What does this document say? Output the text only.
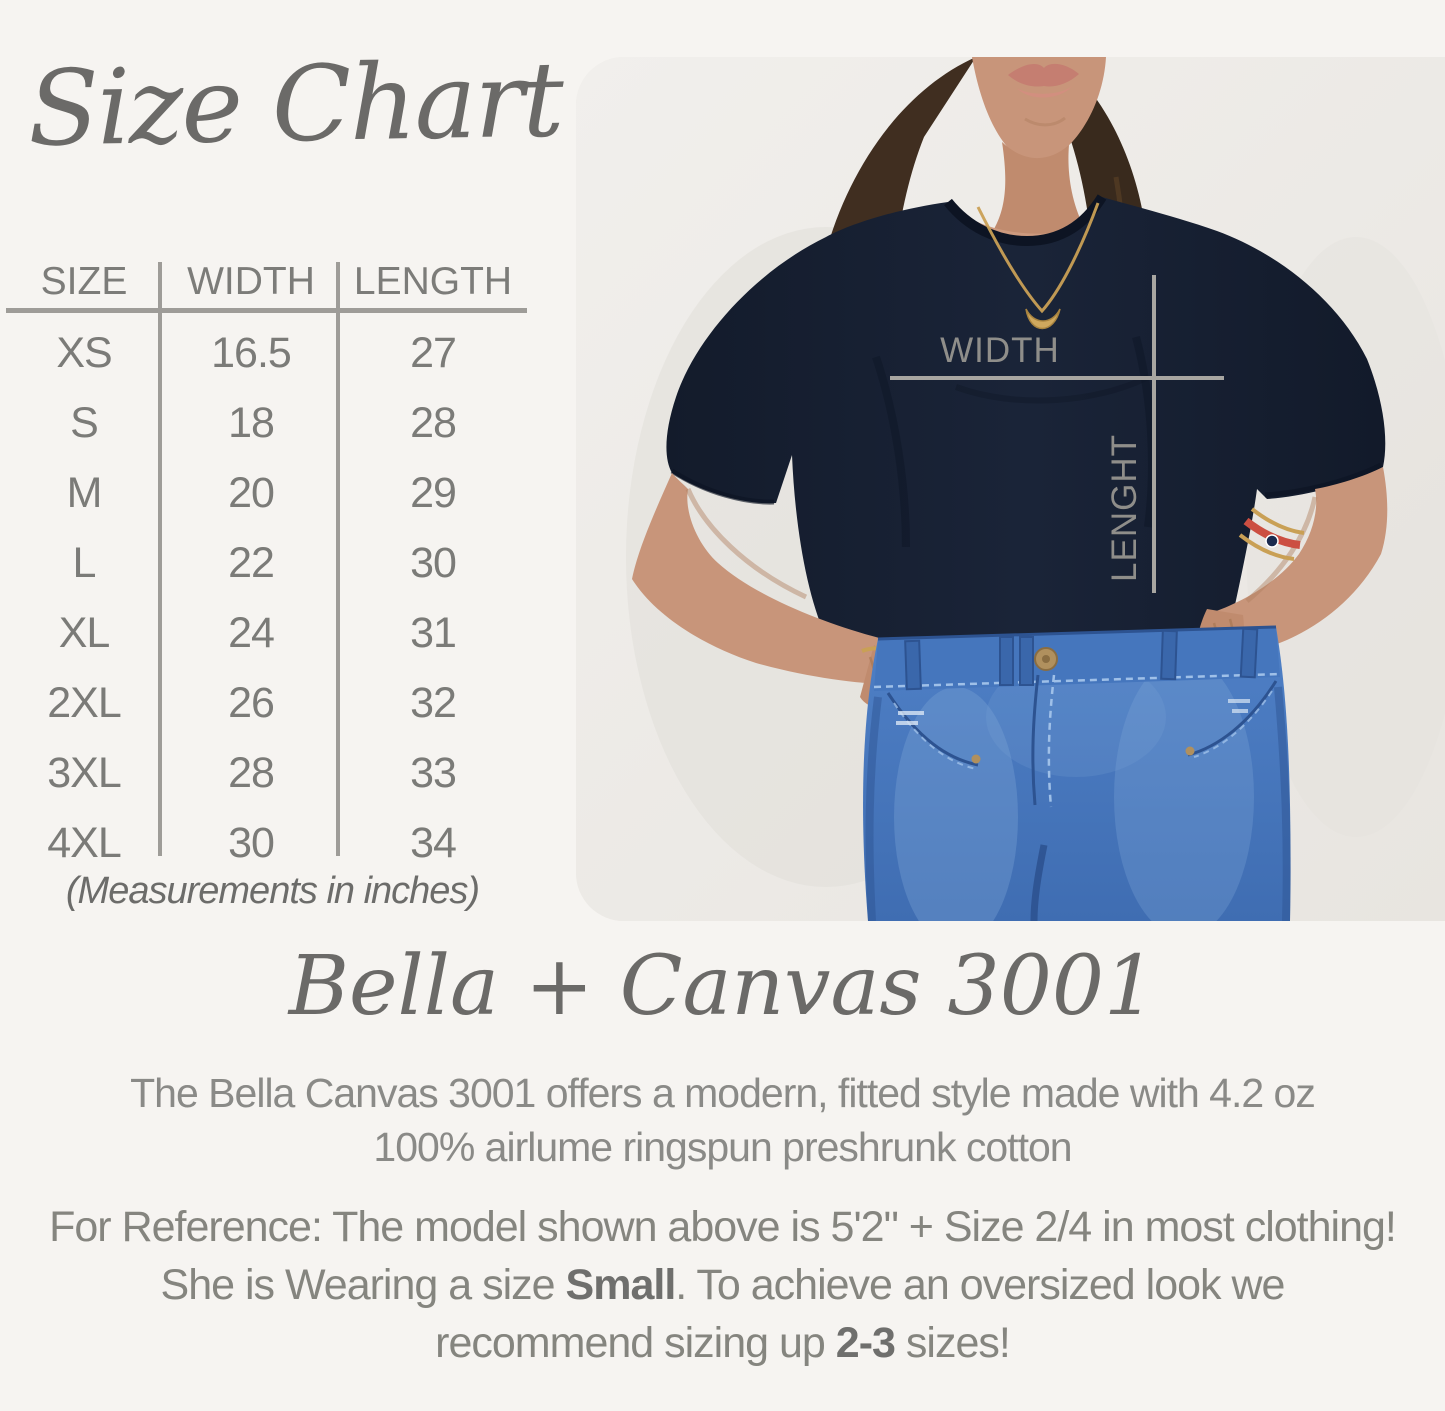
Size Chart
SIZE	WIDTH LENGTH
XS	16.5	27
S	18	28
M	20	29
L	22	30
XL	24	31
2XL	26	32
3XL	28	33
4XL	30	34
(Measurements in inches)
WIDTH
LENGHT
Bella + Canvas 3001
The Bella Canvas 3001 offers a modern, fitted style made with 4.2 oz
100% airlume ringspun preshrunk cotton
For Reference: The model shown above is 5'2" + Size 2/4 in most clothing!
She is Wearing a size Small. To achieve an oversized look we
recommend sizing up 2-3 sizes!
